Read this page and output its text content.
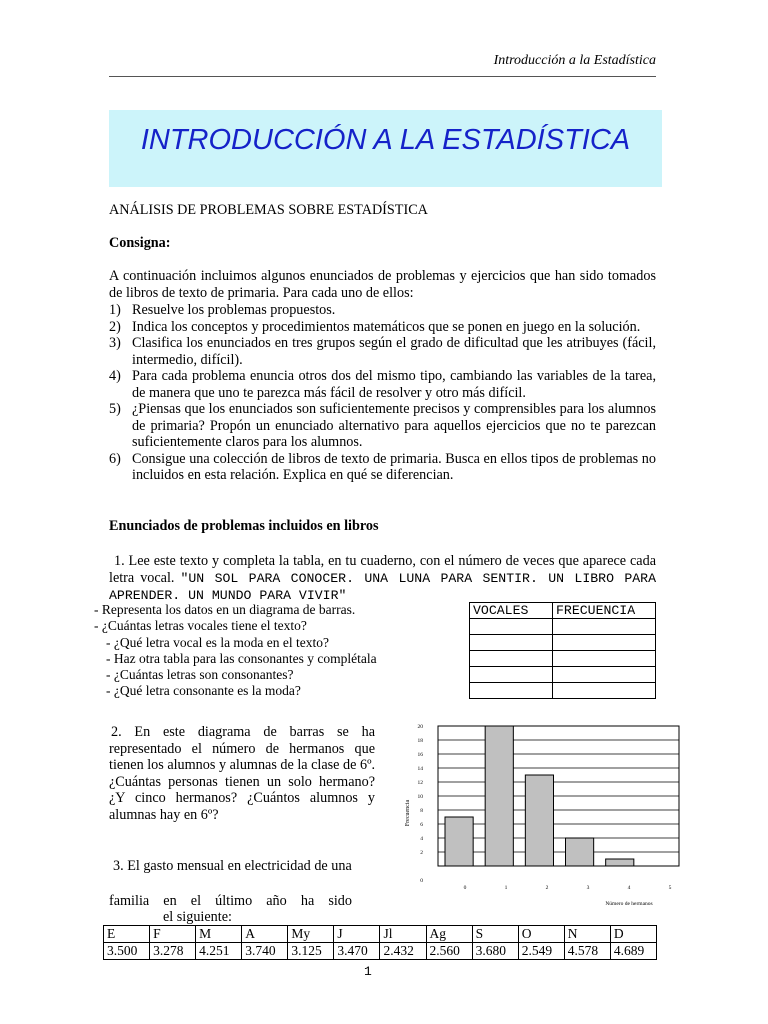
Introducción a la Estadística
INTRODUCCIÓN A LA ESTADÍSTICA
ANÁLISIS DE PROBLEMAS SOBRE ESTADÍSTICA
Consigna:
A continuación incluimos algunos enunciados de problemas y ejercicios que han sido tomados de libros de texto de primaria. Para cada uno de ellos:
1) Resuelve los problemas propuestos.
2) Indica los conceptos y procedimientos matemáticos que se ponen en juego en la solución.
3) Clasifica los enunciados en tres grupos según el grado de dificultad que les atribuyes (fácil, intermedio, difícil).
4) Para cada problema enuncia otros dos del mismo tipo, cambiando las variables de la tarea, de manera que uno te parezca más fácil de resolver y otro más difícil.
5) ¿Piensas que los enunciados son suficientemente precisos y comprensibles para los alumnos de primaria? Propón un enunciado alternativo para aquellos ejercicios que no te parezcan suficientemente claros para los alumnos.
6) Consigue una colección de libros de texto de primaria. Busca en ellos tipos de problemas no incluidos en esta relación. Explica en qué se diferencian.
Enunciados de problemas incluidos en libros
1. Lee este texto y completa la tabla, en tu cuaderno, con el número de veces que aparece cada letra vocal. "UN SOL PARA CONOCER. UNA LUNA PARA SENTIR. UN LIBRO PARA APRENDER. UN MUNDO PARA VIVIR"
- Representa los datos en un diagrama de barras.
- ¿Cuántas letras vocales tiene el texto?
- ¿Qué letra vocal es la moda en el texto?
- Haz otra tabla para las consonantes y complétala
- ¿Cuántas letras son consonantes?
- ¿Qué letra consonante es la moda?
VOCALES	FRECUENCIA

2. En este diagrama de barras se ha representado el número de hermanos que tienen los alumnos y alumnas de la clase de 6º. ¿Cuántas personas tienen un solo hermano? ¿Y cinco hermanos? ¿Cuántos alumnos y alumnas hay en 6º?
0
2
4
6
8
10
12
14
16
18
20
0	1	2	3	4	5
Número de hermanos
Frecuencia
3. El gasto mensual en electricidad de una
familia en el último año ha sido
el siguiente:
E	F	M	A	My	J	Jl	Ag	S	O	N	D
3.500	3.278	4.251	3.740	3.125	3.470	2.432	2.560	3.680	2.549	4.578	4.689
1
